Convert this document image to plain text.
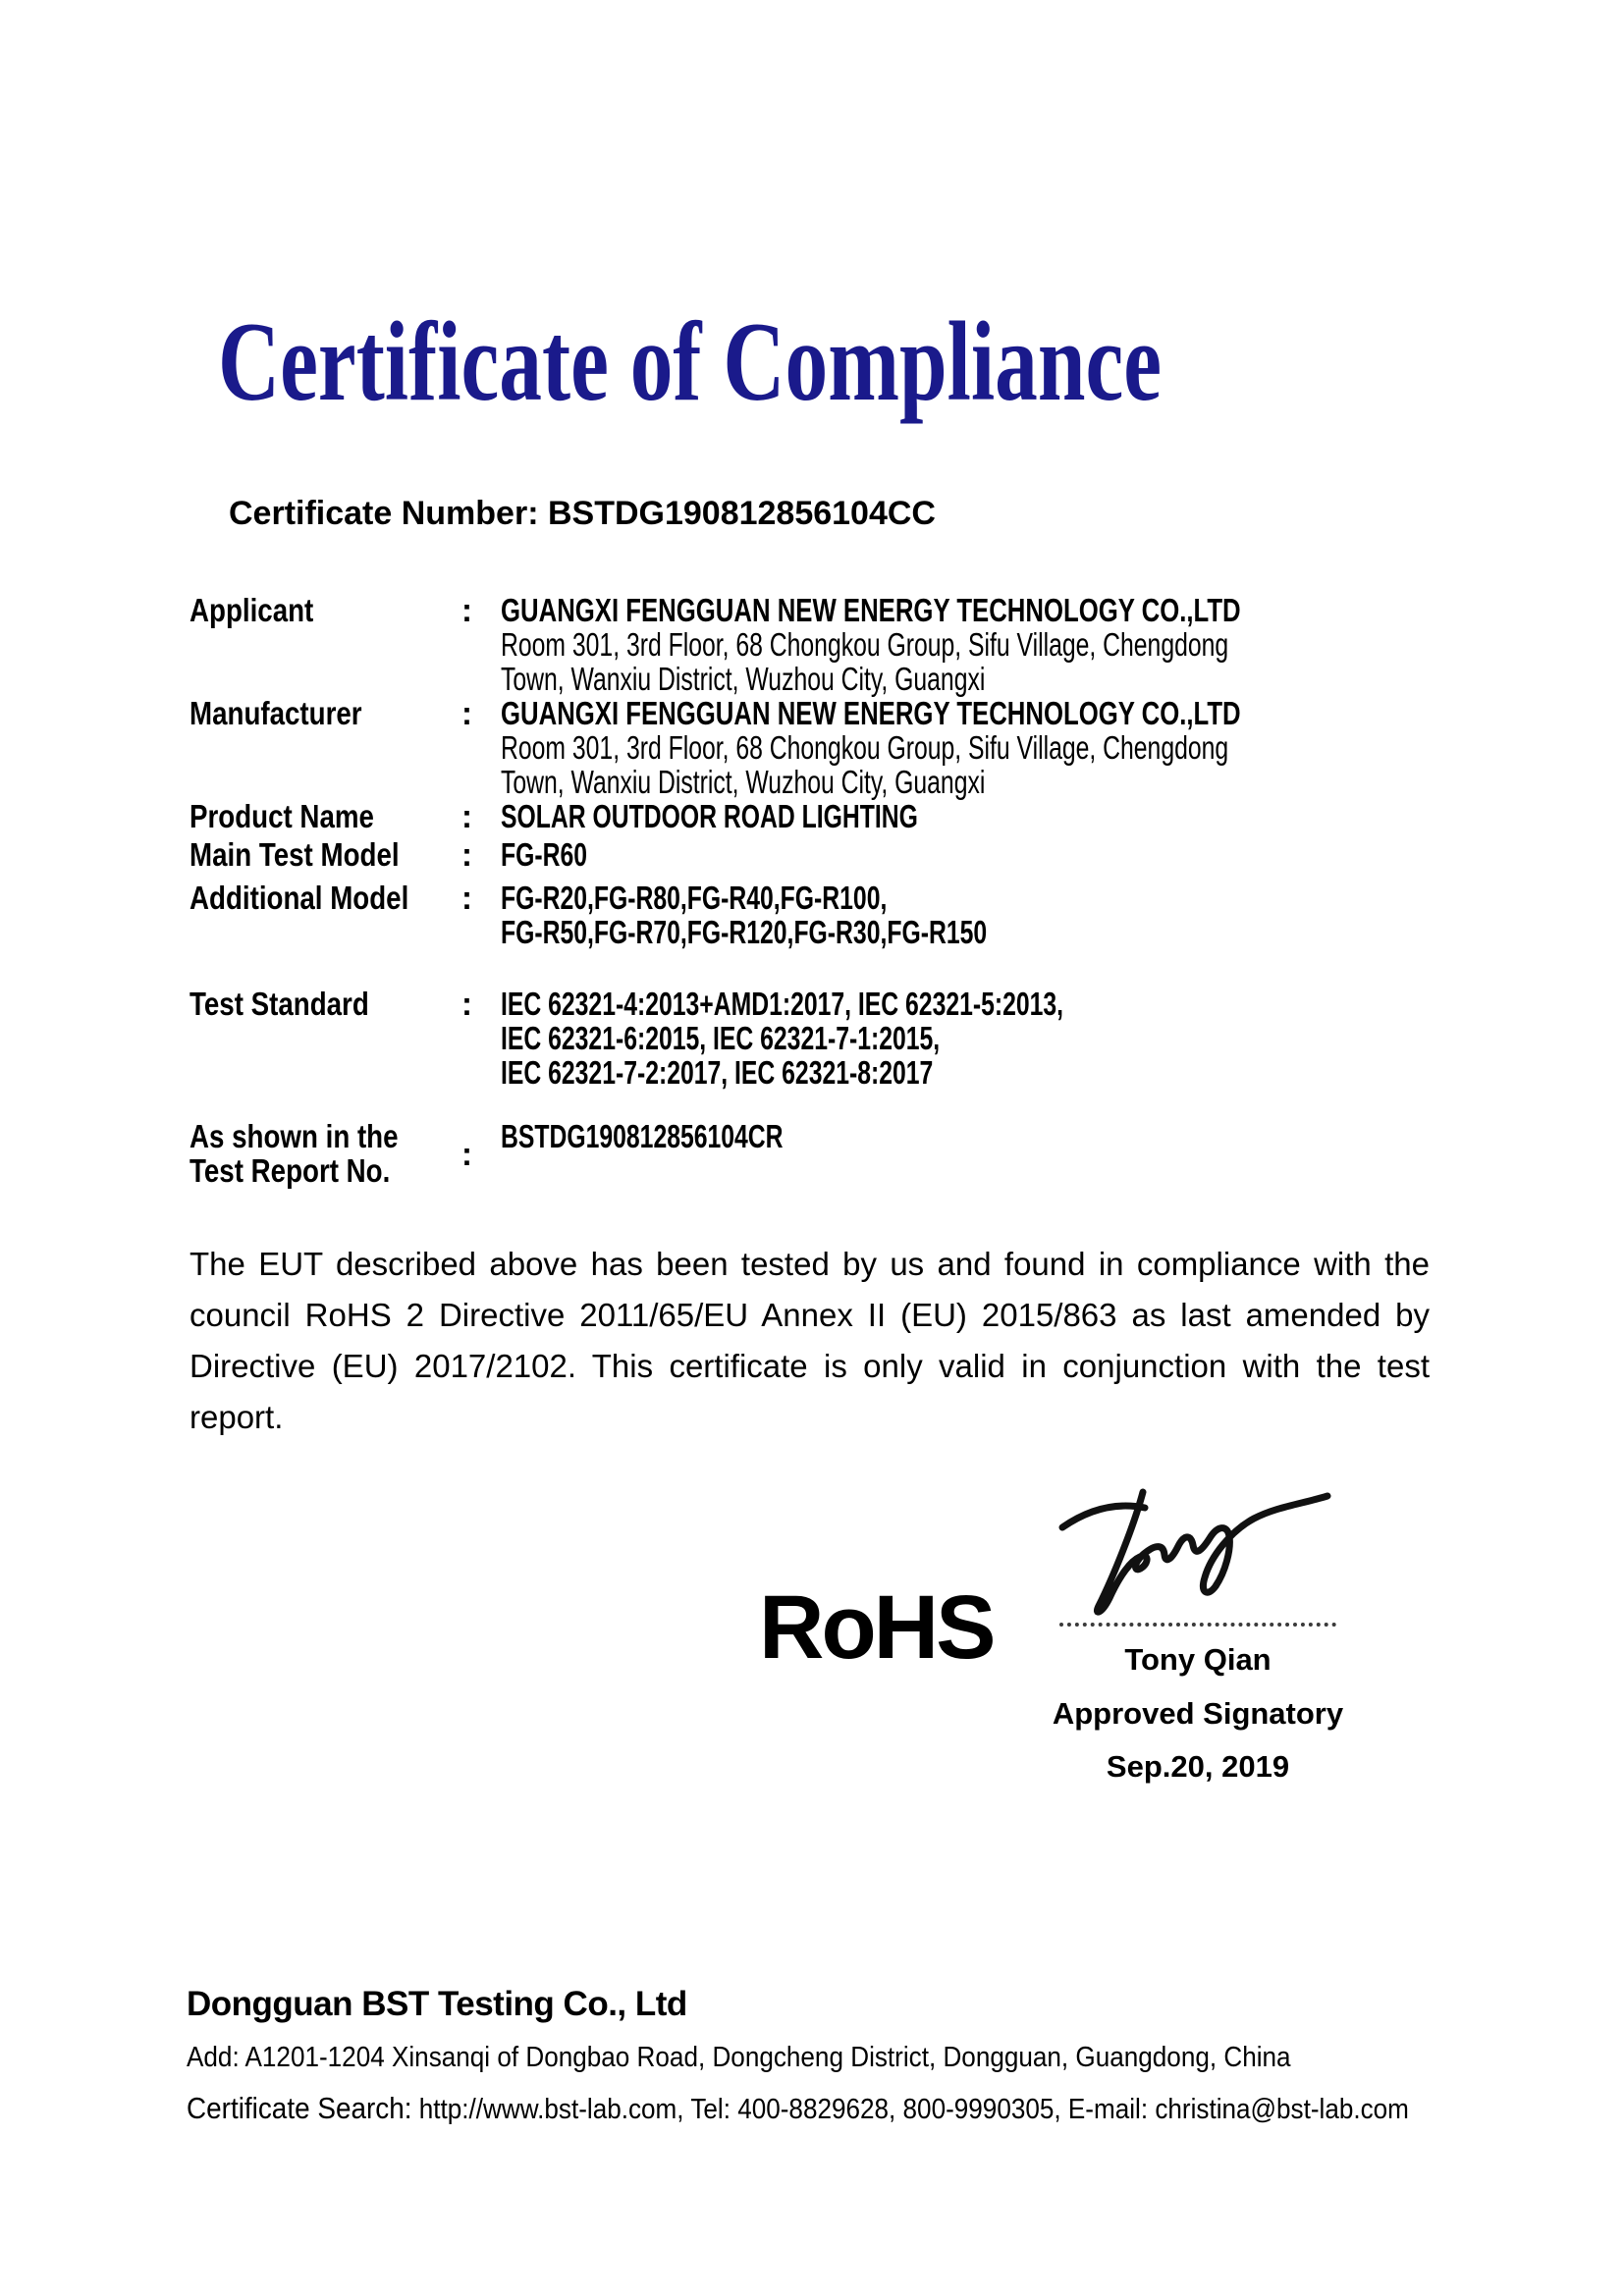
Certificate of Compliance
Certificate Number: BSTDG190812856104CC
Applicant	: GUANGXI FENGGUAN NEW ENERGY TECHNOLOGY CO.,LTD
Room 301, 3rd Floor, 68 Chongkou Group, Sifu Village, Chengdong
Town, Wanxiu District, Wuzhou City, Guangxi
Manufacturer	: GUANGXI FENGGUAN NEW ENERGY TECHNOLOGY CO.,LTD
Room 301, 3rd Floor, 68 Chongkou Group, Sifu Village, Chengdong
Town, Wanxiu District, Wuzhou City, Guangxi
Product Name	: SOLAR OUTDOOR ROAD LIGHTING
Main Test Model	: FG-R60
Additional Model	: FG-R20,FG-R80,FG-R40,FG-R100,
FG-R50,FG-R70,FG-R120,FG-R30,FG-R150
Test Standard	: IEC 62321-4:2013+AMD1:2017, IEC 62321-5:2013,
IEC 62321-6:2015, IEC 62321-7-1:2015,
IEC 62321-7-2:2017, IEC 62321-8:2017
As shown in the
Test Report No.	: BSTDG190812856104CR
The EUT described above has been tested by us and found in compliance with the
council RoHS 2 Directive 2011/65/EU Annex II (EU) 2015/863 as last amended by
Directive (EU) 2017/2102. This certificate is only valid in conjunction with the test
report.
RoHS	Tony Qian
Approved Signatory
Sep.20, 2019
Dongguan BST Testing Co., Ltd
Add: A1201-1204 Xinsanqi of Dongbao Road, Dongcheng District, Dongguan, Guangdong, China
Certificate Search: http://www.bst-lab.com, Tel: 400-8829628, 800-9990305, E-mail: christina@bst-lab.com
